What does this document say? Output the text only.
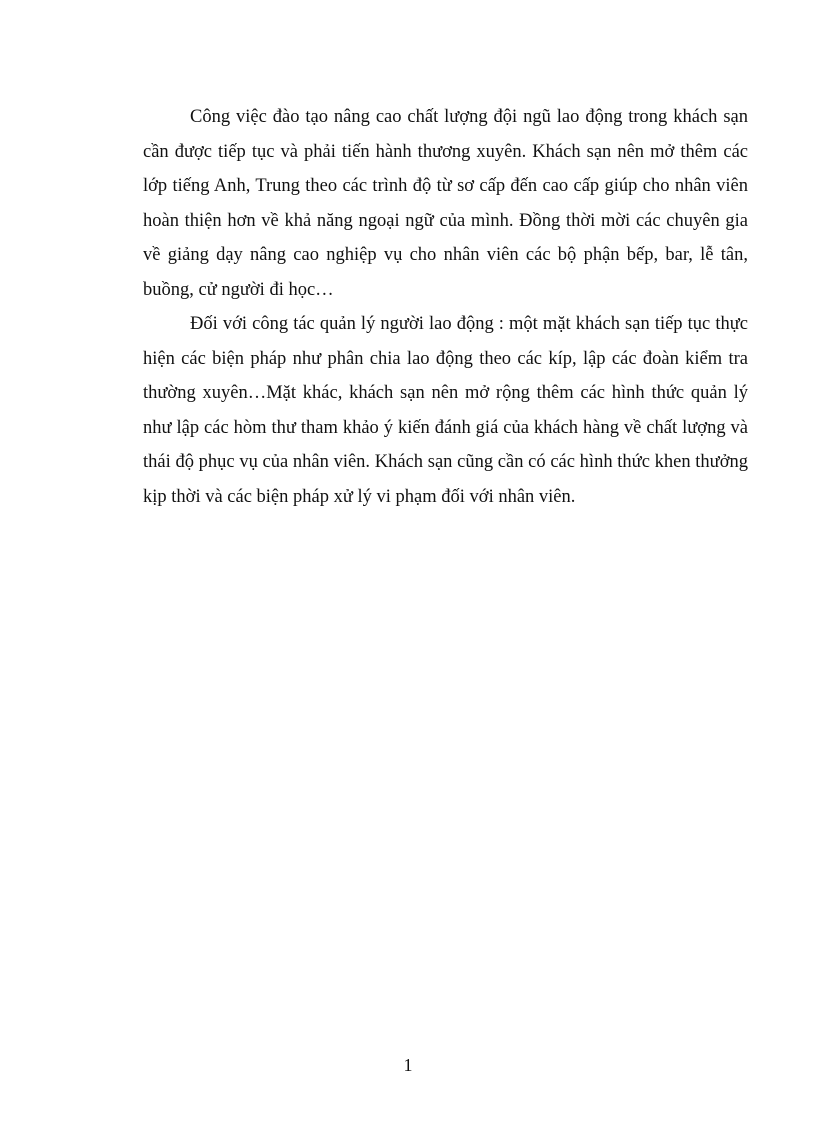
Công việc đào tạo nâng cao chất lượng đội ngũ lao động trong khách sạn cần được tiếp tục và phải tiến hành thương xuyên. Khách sạn nên mở thêm các lớp tiếng Anh, Trung theo các trình độ từ sơ cấp đến cao cấp giúp cho nhân viên hoàn thiện hơn về khả năng ngoại ngữ của mình. Đồng thời mời các chuyên gia về giảng dạy nâng cao nghiệp vụ cho nhân viên các bộ phận bếp, bar, lễ tân, buồng, cử người đi học…

Đối với công tác quản lý người lao động : một mặt khách sạn tiếp tục thực hiện các biện pháp như phân chia lao động theo các kíp, lập các đoàn kiểm tra thường xuyên…Mặt khác, khách sạn nên mở rộng thêm các hình thức quản lý như lập các hòm thư tham khảo ý kiến đánh giá của khách hàng về chất lượng và thái độ phục vụ của nhân viên. Khách sạn cũng cần có các hình thức khen thưởng kịp thời và các biện pháp xử lý vi phạm đối với nhân viên.

1
